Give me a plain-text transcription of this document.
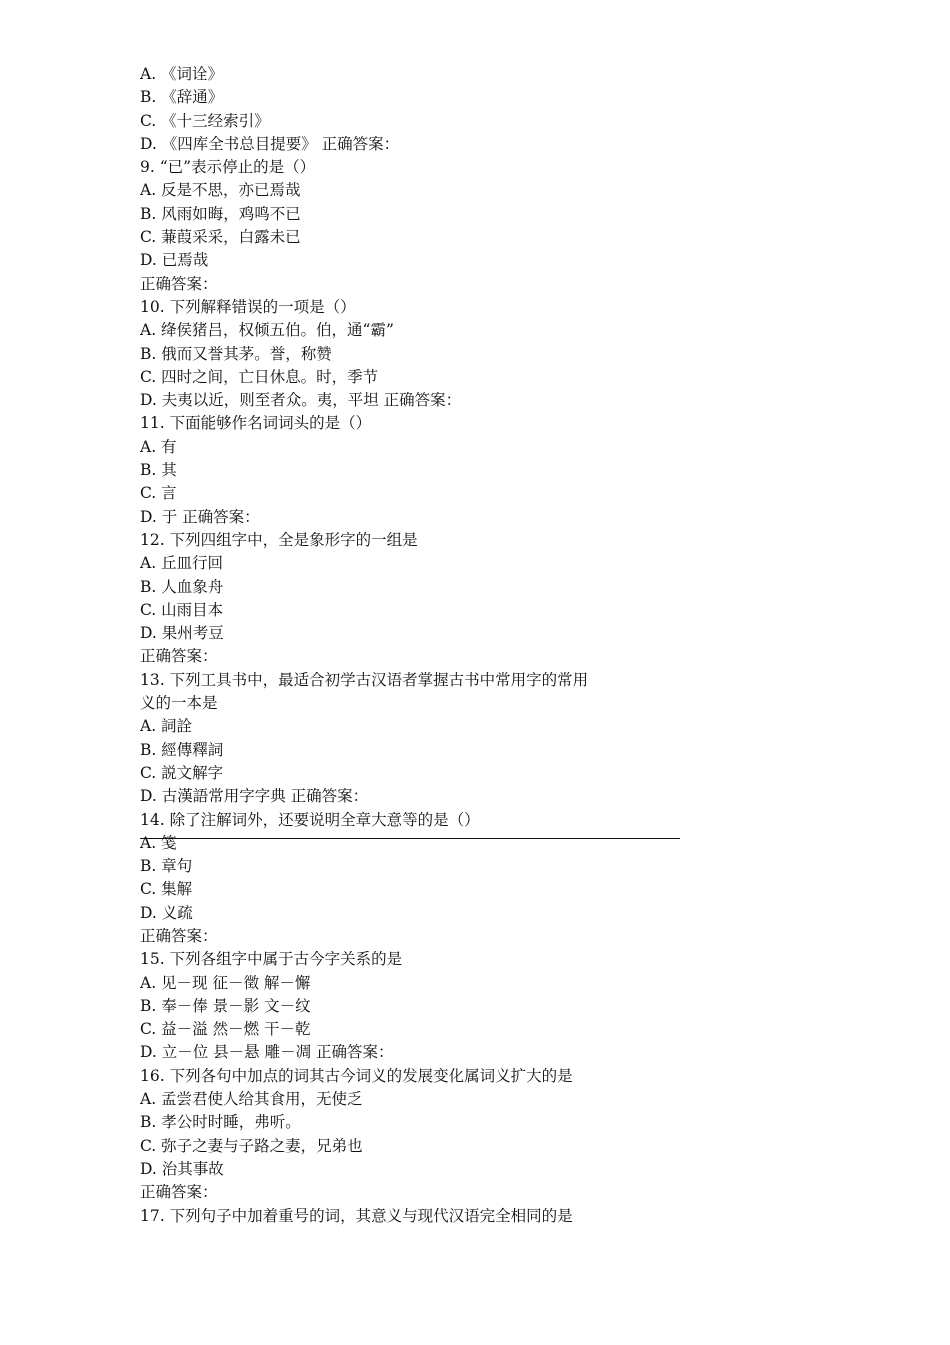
A. 《词诠》
B. 《辞通》
C. 《十三经索引》
D. 《四库全书总目提要》 正确答案：
9. “已”表示停止的是（）
A. 反是不思，亦已焉哉
B. 风雨如晦，鸡鸣不已
C. 蒹葭采采，白露未已
D. 已焉哉
正确答案：
10. 下列解释错误的一项是（）
A. 绛侯猪吕，权倾五伯。伯，通“霸”
B. 俄而又誉其茅。誉，称赞
C. 四时之间，亡日休息。时，季节
D. 夫夷以近，则至者众。夷，平坦 正确答案：
11. 下面能够作名词词头的是（）
A. 有
B. 其
C. 言
D. 于 正确答案：
12. 下列四组字中，全是象形字的一组是
A. 丘皿行回
B. 人血象舟
C. 山雨目本
D. 果州考豆
正确答案：
13. 下列工具书中，最适合初学古汉语者掌握古书中常用字的常用
义的一本是
A. 詞詮
B. 經傳釋詞
C. 説文解字
D. 古漢語常用字字典 正确答案：
14. 除了注解词外，还要说明全章大意等的是（）
A. 笺
B. 章句
C. 集解
D. 义疏
正确答案：
15. 下列各组字中属于古今字关系的是
A. 见－现 征－徵 解－懈
B. 奉－俸 景－影 文－纹
C. 益－溢 然－燃 干－乾
D. 立－位 县－悬 雕－凋 正确答案：
16. 下列各句中加点的词其古今词义的发展变化属词义扩大的是
A. 孟尝君使人给其食用，无使乏
B. 孝公时时睡，弗听。
C. 弥子之妻与子路之妻，兄弟也
D. 治其事故
正确答案：
17. 下列句子中加着重号的词，其意义与现代汉语完全相同的是
